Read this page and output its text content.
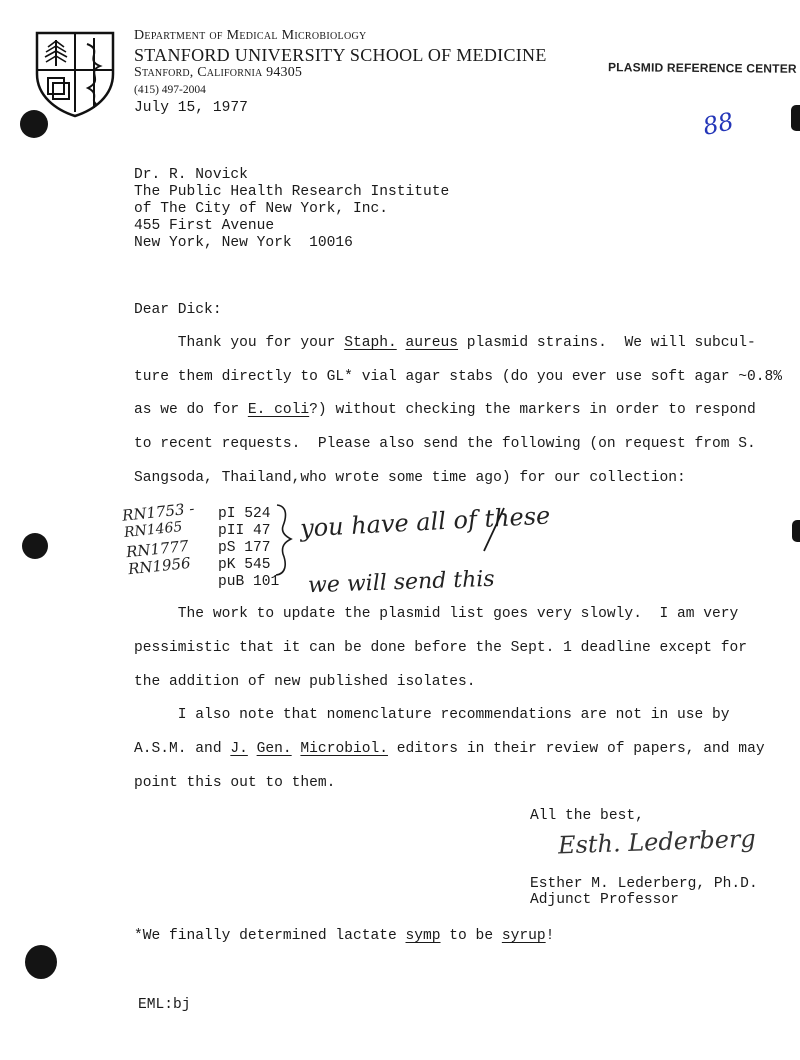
Department of Medical Microbiology
STANFORD UNIVERSITY SCHOOL OF MEDICINE
Stanford, California 94305
(415) 497-2004
PLASMID REFERENCE CENTER
July 15, 1977	88
Dr. R. Novick
The Public Health Research Institute
of The City of New York, Inc.
455 First Avenue
New York, New York  10016
Dear Dick:
Thank you for your Staph. aureus plasmid strains.  We will subcul-
ture them directly to GL* vial agar stabs (do you ever use soft agar ~0.8%
as we do for E. coli?) without checking the markers in order to respond
to recent requests.  Please also send the following (on request from S.
Sangsoda, Thailand,who wrote some time ago) for our collection:
RN1753 -
RN1465
RN1777
RN1956
pI 524
pII 47
pS 177
pK 545
puB 101
you have all of these
we will send this
The work to update the plasmid list goes very slowly.  I am very
pessimistic that it can be done before the Sept. 1 deadline except for
the addition of new published isolates.
I also note that nomenclature recommendations are not in use by
A.S.M. and J. Gen. Microbiol. editors in their review of papers, and may
point this out to them.
All the best,
Esth. Lederberg
Esther M. Lederberg, Ph.D.
Adjunct Professor
*We finally determined lactate symp to be syrup!
EML:bj
